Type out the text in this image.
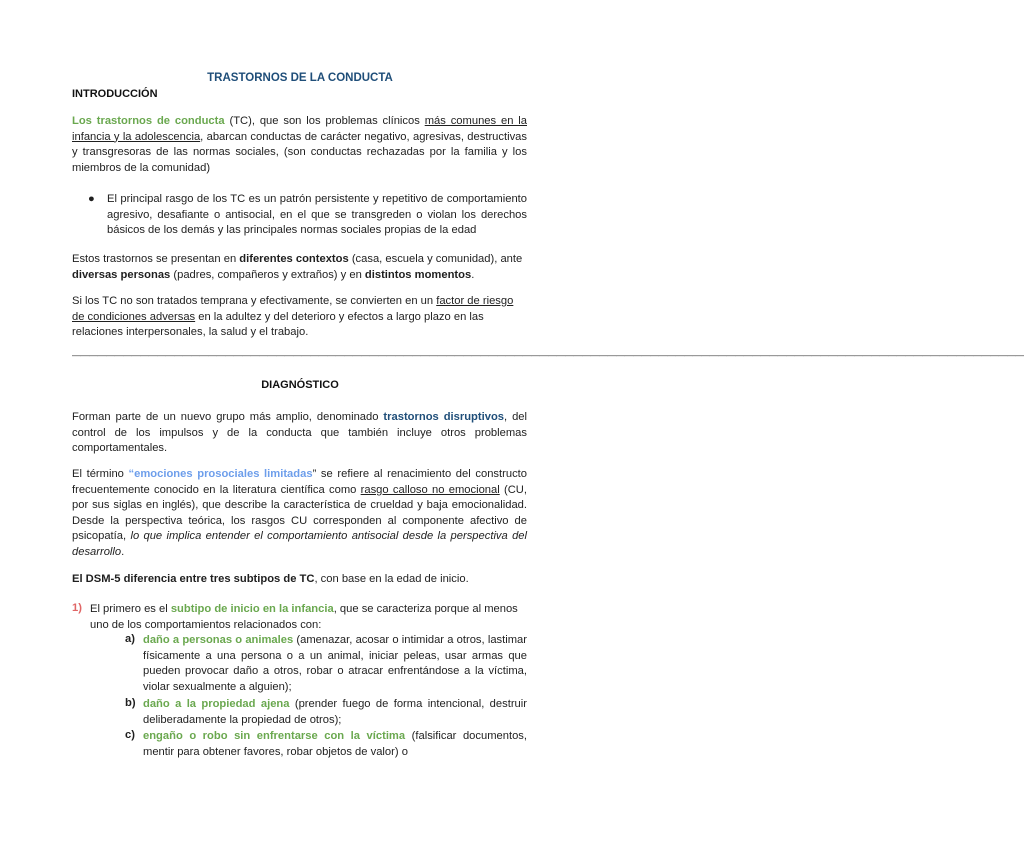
TRASTORNOS DE LA CONDUCTA
INTRODUCCIÓN
Los trastornos de conducta (TC), que son los problemas clínicos más comunes en la infancia y la adolescencia, abarcan conductas de carácter negativo, agresivas, destructivas y transgresoras de las normas sociales, (son conductas rechazadas por la familia y los miembros de la comunidad)
● El principal rasgo de los TC es un patrón persistente y repetitivo de comportamiento agresivo, desafiante o antisocial, en el que se transgreden o violan los derechos básicos de los demás y las principales normas sociales propias de la edad
Estos trastornos se presentan en diferentes contextos (casa, escuela y comunidad), ante diversas personas (padres, compañeros y extraños) y en distintos momentos.
Si los TC no son tratados temprana y efectivamente, se convierten en un factor de riesgo de condiciones adversas en la adultez y del deterioro y efectos a largo plazo en las relaciones interpersonales, la salud y el trabajo.
————————————————————————————————————————————————————————————————————————————————————————————————————————————————
DIAGNÓSTICO
Forman parte de un nuevo grupo más amplio, denominado trastornos disruptivos, del control de los impulsos y de la conducta que también incluye otros problemas comportamentales.
El término “emociones prosociales limitadas” se refiere al renacimiento del constructo frecuentemente conocido en la literatura científica como rasgo calloso no emocional (CU, por sus siglas en inglés), que describe la característica de crueldad y baja emocionalidad. Desde la perspectiva teórica, los rasgos CU corresponden al componente afectivo de psicopatía, lo que implica entender el comportamiento antisocial desde la perspectiva del desarrollo.
El DSM-5 diferencia entre tres subtipos de TC, con base en la edad de inicio.
1) El primero es el subtipo de inicio en la infancia, que se caracteriza porque al menos uno de los comportamientos relacionados con:
a) daño a personas o animales (amenazar, acosar o intimidar a otros, lastimar físicamente a una persona o a un animal, iniciar peleas, usar armas que pueden provocar daño a otros, robar o atracar enfrentándose a la víctima, violar sexualmente a alguien);
b) daño a la propiedad ajena (prender fuego de forma intencional, destruir deliberadamente la propiedad de otros);
c) engaño o robo sin enfrentarse con la víctima (falsificar documentos, mentir para obtener favores, robar objetos de valor) o
